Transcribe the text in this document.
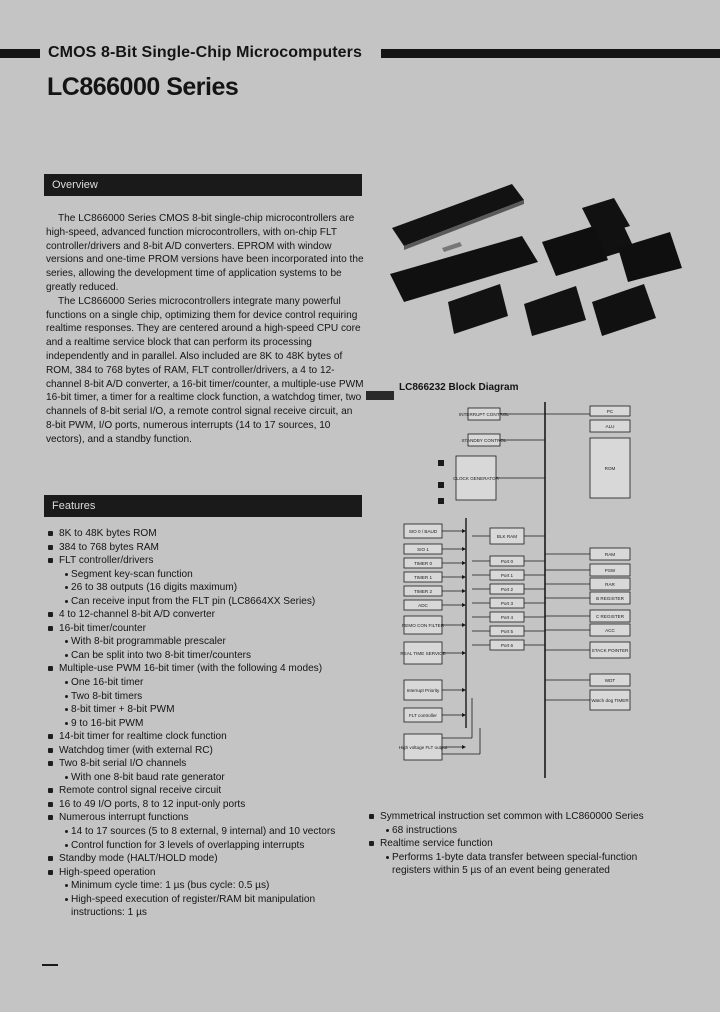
CMOS 8-Bit Single-Chip Microcomputers
LC866000 Series
Overview

The LC866000 Series CMOS 8-bit single-chip microcontrollers are high-speed, advanced function microcontrollers, with on-chip FLT controller/drivers and 8-bit A/D converters. EPROM with window versions and one-time PROM versions have been incorporated into the series, allowing the development time of application systems to be greatly reduced.

The LC866000 Series microcontrollers integrate many powerful functions on a single chip, optimizing them for device control requiring realtime responses. They are centered around a high-speed CPU core and a realtime service block that can perform its processing independently and in parallel. Also included are 8K to 48K bytes of ROM, 384 to 768 bytes of RAM, FLT controller/drivers, a 4 to 12-channel 8-bit A/D converter, a 16-bit timer/counter, a multiple-use PWM 16-bit timer, a timer for a realtime clock function, a watchdog timer, two channels of 8-bit serial I/O, a remote control signal receive circuit, an 8-bit PWM, I/O ports, numerous interrupts (14 to 17 sources, 10 vectors), and a standby function.

Features
8K to 48K bytes ROM
384 to 768 bytes RAM
FLT controller/drivers
Segment key-scan function
26 to 38 outputs (16 digits maximum)
Can receive input from the FLT pin (LC8664XX Series)
4 to 12-channel 8-bit A/D converter
16-bit timer/counter
With 8-bit programmable prescaler
Can be split into two 8-bit timer/counters
Multiple-use PWM 16-bit timer (with the following 4 modes)
One 16-bit timer
Two 8-bit timers
8-bit timer + 8-bit PWM
9 to 16-bit PWM
14-bit timer for realtime clock function
Watchdog timer (with external RC)
Two 8-bit serial I/O channels
With one 8-bit baud rate generator
Remote control signal receive circuit
16 to 49 I/O ports, 8 to 12 input-only ports
Numerous interrupt functions
14 to 17 sources (5 to 8 external, 9 internal) and 10 vectors
Control function for 3 levels of overlapping interrupts
Standby mode (HALT/HOLD mode)
High-speed operation
Minimum cycle time: 1 µs (bus cycle: 0.5 µs)
High-speed execution of register/RAM bit manipulation
instructions: 1 µs
Symmetrical instruction set common with LC860000 Series
68 instructions
Realtime service function
Performs 1-byte data transfer between special-function registers within 5 µs of an event being generated
LC866232 Block Diagram
INTERRUPT CONTROL
STANDBY CONTROL
PC
ALU
ROM
CLOCK GENERATOR
SIO 0 / BAUD
SIO 1
TIMER 0
TIMER 1
TIMER 2
ADC
REMO CON FILTER
REAL TIME SERVICE
Interrupt Priority
FLT controller
High voltage FLT output
BLK RAM
Port 0
Port 1
Port 2
Port 3
Port 4
Port 5
Port 6
RAM
PSW
RAR
B REGISTER
C REGISTER
ACC
STACK POINTER
WDT
Watch dog TIMER
